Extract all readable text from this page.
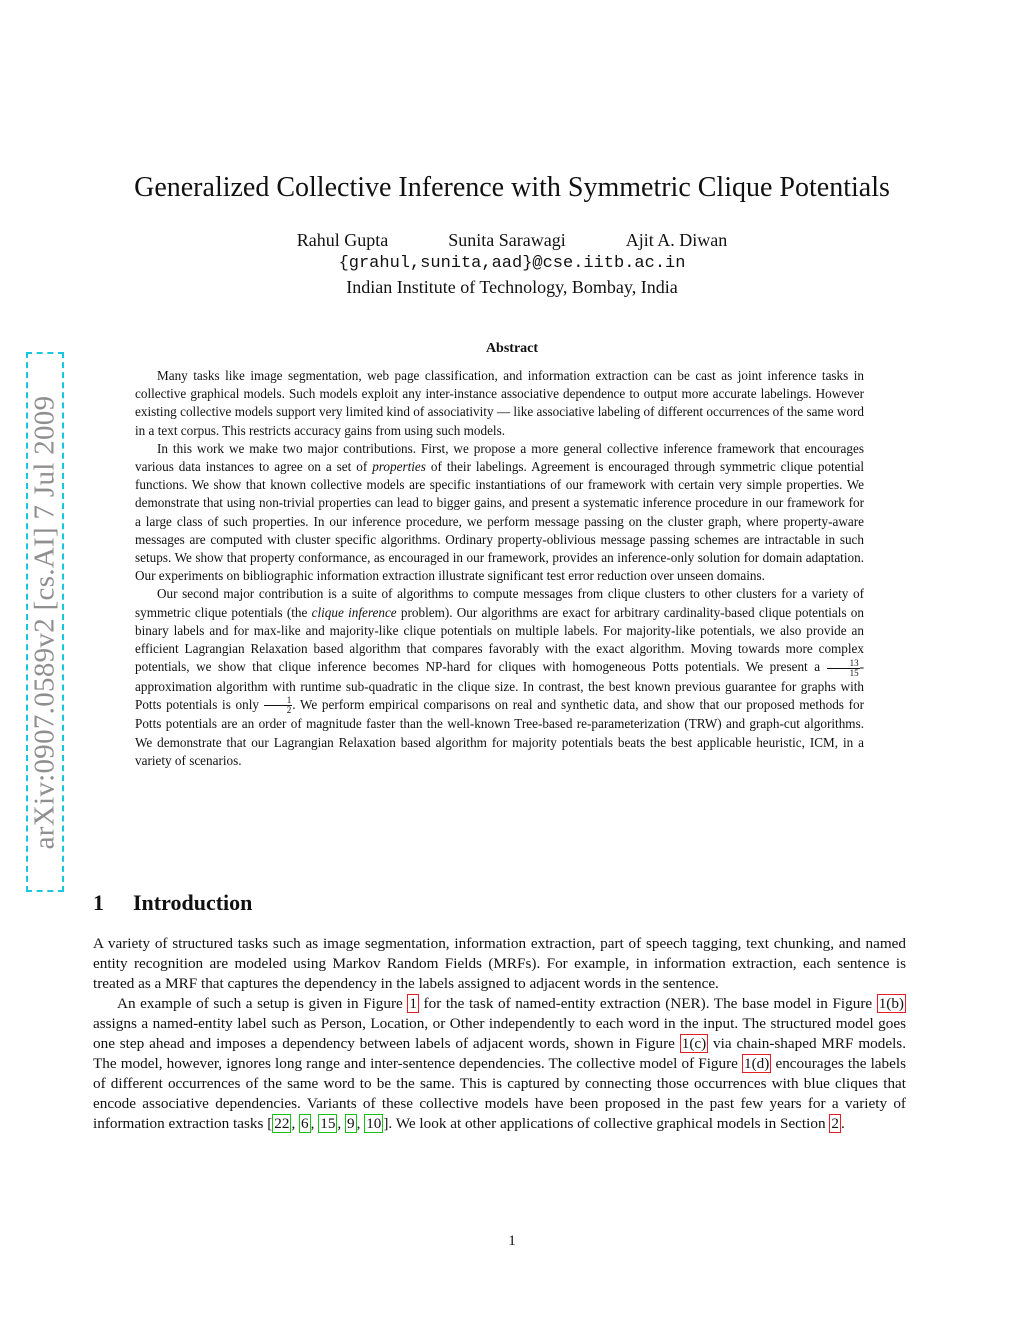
arXiv:0907.0589v2 [cs.AI] 7 Jul 2009
Generalized Collective Inference with Symmetric Clique Potentials
Rahul Gupta	Sunita Sarawagi	Ajit A. Diwan
{grahul,sunita,aad}@cse.iitb.ac.in
Indian Institute of Technology, Bombay, India
Abstract

Many tasks like image segmentation, web page classification, and information extraction can be cast as joint inference tasks in collective graphical models. Such models exploit any inter-instance associative dependence to output more accurate labelings. However existing collective models support very limited kind of associativity — like associative labeling of different occurrences of the same word in a text corpus. This restricts accuracy gains from using such models.

In this work we make two major contributions. First, we propose a more general collective inference framework that encourages various data instances to agree on a set of properties of their labelings. Agreement is encouraged through symmetric clique potential functions. We show that known collective models are specific instantiations of our framework with certain very simple properties. We demonstrate that using non-trivial properties can lead to bigger gains, and present a systematic inference procedure in our framework for a large class of such properties. In our inference procedure, we perform message passing on the cluster graph, where property-aware messages are computed with cluster specific algorithms. Ordinary property-oblivious message passing schemes are intractable in such setups. We show that property conformance, as encouraged in our framework, provides an inference-only solution for domain adaptation. Our experiments on bibliographic information extraction illustrate significant test error reduction over unseen domains.

Our second major contribution is a suite of algorithms to compute messages from clique clusters to other clusters for a variety of symmetric clique potentials (the clique inference problem). Our algorithms are exact for arbitrary cardinality-based clique potentials on binary labels and for max-like and majority-like clique potentials on multiple labels. For majority-like potentials, we also provide an efficient Lagrangian Relaxation based algorithm that compares favorably with the exact algorithm. Moving towards more complex potentials, we show that clique inference becomes NP-hard for cliques with homogeneous Potts potentials. We present a $\frac{13}{15}$ -approximation algorithm with runtime sub-quadratic in the clique size. In contrast, the best known previous guarantee for graphs with Potts potentials is only $\frac{1}{2}$ . We perform empirical comparisons on real and synthetic data, and show that our proposed methods for Potts potentials are an order of magnitude faster than the well-known Tree-based re-parameterization (TRW) and graph-cut algorithms. We demonstrate that our Lagrangian Relaxation based algorithm for majority potentials beats the best applicable heuristic, ICM, in a variety of scenarios.

1 Introduction

A variety of structured tasks such as image segmentation, information extraction, part of speech tagging, text chunking, and named entity recognition are modeled using Markov Random Fields (MRFs). For example, in information extraction, each sentence is treated as a MRF that captures the dependency in the labels assigned to adjacent words in the sentence.

An example of such a setup is given in Figure 1 for the task of named-entity extraction (NER). The base model in Figure 1(b) assigns a named-entity label such as Person, Location, or Other independently to each word in the input. The structured model goes one step ahead and imposes a dependency between labels of adjacent words, shown in Figure 1(c) via chain-shaped MRF models. The model, however, ignores long range and inter-sentence dependencies. The collective model of Figure 1(d) encourages the labels of different occurrences of the same word to be the same. This is captured by connecting those occurrences with blue cliques that encode associative dependencies. Variants of these collective models have been proposed in the past few years for a variety of information extraction tasks [ 22 , 6 , 15 , 9 , 10 ]. We look at other applications of collective graphical models in Section 2 .

1
